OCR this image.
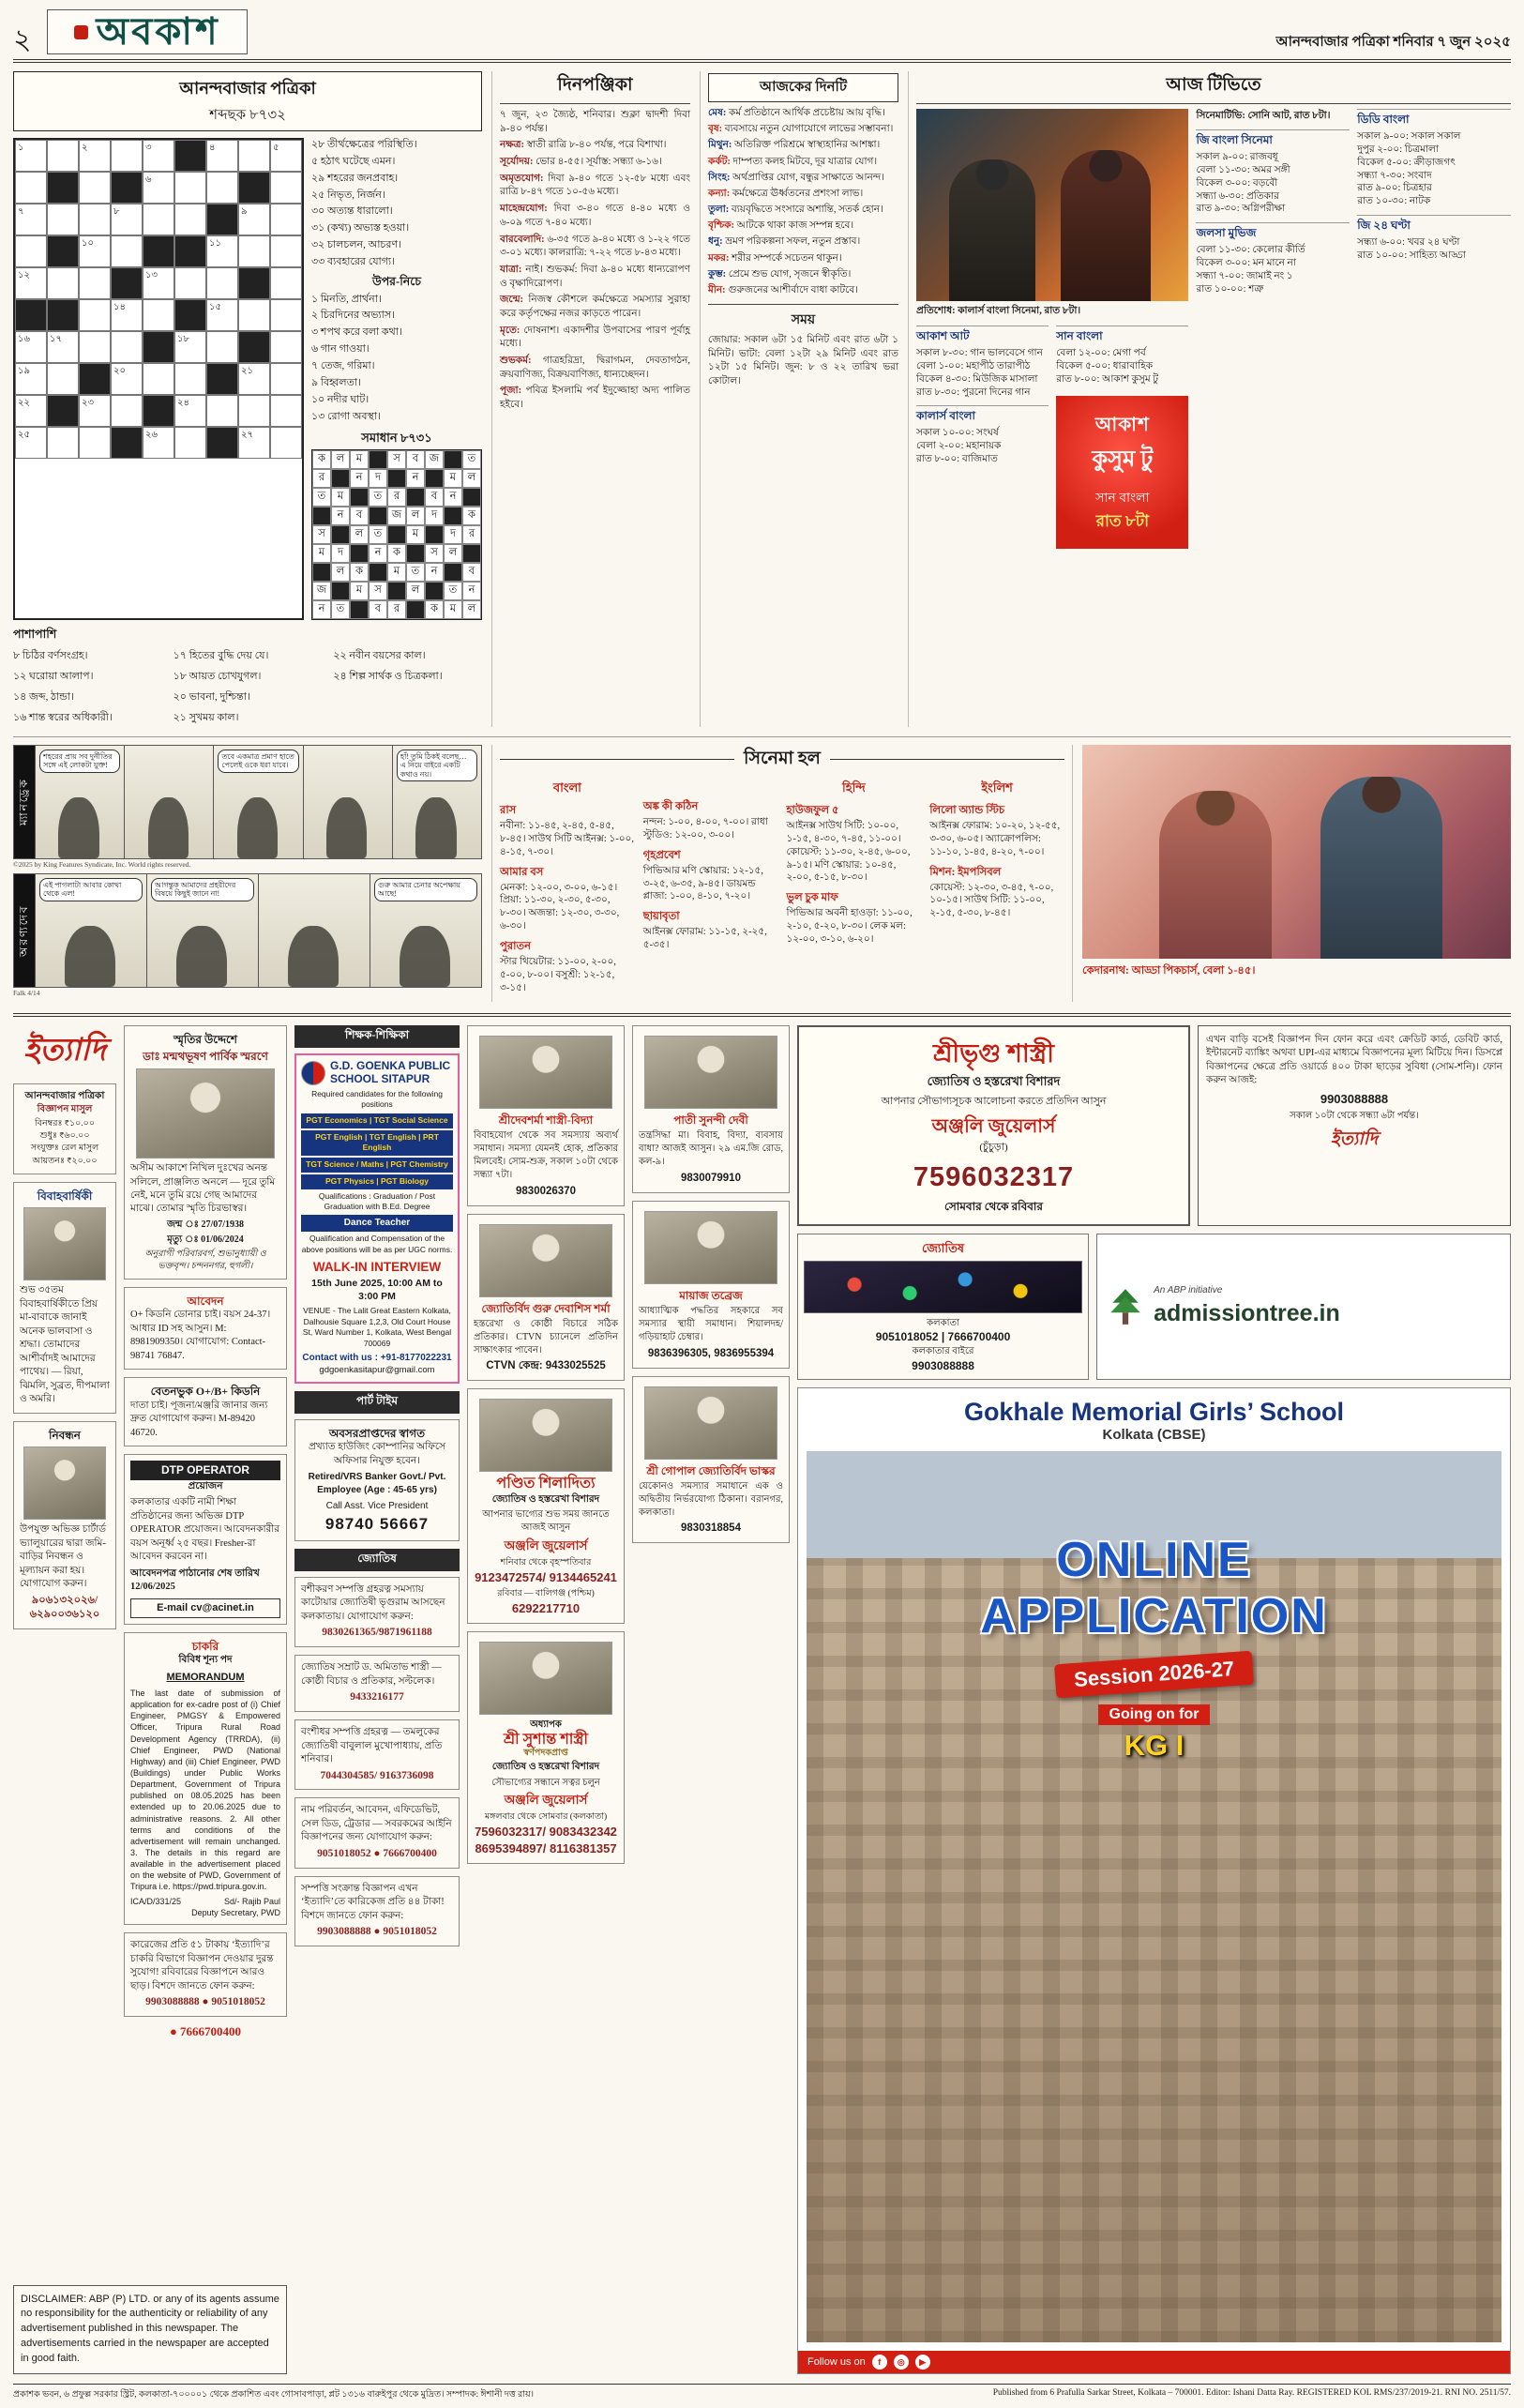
২ অবকাশ	আনন্দবাজার পত্রিকা শনিবার ৭ জুন ২০২৫
আনন্দবাজার পত্রিকা
শব্দছক ৮৭৩২
১	২	৩	৪	৫
৬
৭	৮	৯
১০	১১
১২	১৩
১৪	১৫
১৬ ১৭	১৮
১৯	২০	২১
২২	২৩	২৪
২৫	২৬	২৭
২৮ তীর্থক্ষেত্রের পরিস্থিতি।
৫ হঠাৎ ঘটেছে এমন।
২৯ শহরের জনপ্রবাহ।
২৫ নিভৃত, নির্জন।
৩০ অত্যন্ত ধারালো।
৩১ (কথ্য) অভ্যস্ত হওয়া।
৩২ চালচলন, আচরণ।
৩৩ ব্যবহারের যোগ্য।
উপর-নিচে
১ মিনতি, প্রার্থনা।
২ চিরদিনের অভ্যাস।
৩ শপথ করে বলা কথা।
৬ গান গাওয়া।
৭ তেজ, গরিমা।
৯ বিহ্বলতা।
১০ নদীর ঘাট।
১৩ রোগা অবস্থা।
সমাধান ৮৭৩১
ক ল ম	স ব জ	ত
র	ন দ	ন	ম ল
ত ম	ত র	ব ন
ন ব	জ ল দ	ক
স	ল ত	ম	দ র
ম দ	ন ক	স ল
ল ক	ম ত ন	ব
জ	ম স	ল	ত ন
ন ত	ব র	ক ম ল
পাশাপাশি
৮ চিঠির বর্ণসংগ্রহ।
১২ ঘরোয়া আলাপ।
১৪ জব্দ, ঠান্ডা।
১৬ শান্ত স্বরের অধিকারী।
১৭ হিতের বুদ্ধি দেয় যে।
১৮ আয়ত চোখযুগল।
২০ ভাবনা, দুশ্চিন্তা।
২১ সুখময় কাল।
২২ নবীন বয়সের কাল।
২৪ শিল্প সার্থক ও চিত্রকলা।
দিনপঞ্জিকা
৭ জুন, ২৩ জ্যৈষ্ঠ, শনিবার। শুক্লা দ্বাদশী দিবা ৯-৪০ পর্যন্ত।
নক্ষত্র: স্বাতী রাত্রি ৮-৪০ পর্যন্ত, পরে বিশাখা।
সূর্যোদয়: ভোর ৪-৫৫। সূর্যাস্ত: সন্ধ্যা ৬-১৬।
অমৃতযোগ: দিবা ৯-৪০ গতে ১২-৫৮ মধ্যে এবং রাত্রি ৮-৪৭ গতে ১০-৫৬ মধ্যে।
মাহেন্দ্রযোগ: দিবা ৩-৪০ গতে ৪-৪০ মধ্যে ও ৬-০৯ গতে ৭-৪০ মধ্যে।
বারবেলাদি: ৬-৩৫ গতে ৯-৪০ মধ্যে ও ১-২২ গতে ৩-০১ মধ্যে। কালরাত্রি: ৭-২২ গতে ৮-৪৩ মধ্যে।
যাত্রা: নাই। শুভকর্ম: দিবা ৯-৪০ মধ্যে ধান্যরোপণ ও বৃক্ষাদিরোপণ।
জন্মে: নিজস্ব কৌশলে কর্মক্ষেত্রে সমস্যার সুরাহা করে কর্তৃপক্ষের নজর কাড়তে পারেন।
মৃতে: দোষনাশ। একাদশীর উপবাসের পারণ পূর্বাহ্ণ মধ্যে।
শুভকর্ম: গাত্রহরিদ্রা, দ্বিরাগমন, দেবতাগঠন, ক্রয়বাণিজ্য, বিক্রয়বাণিজ্য, ধান্যচ্ছেদন।
পূজা: পবিত্র ইসলামি পর্ব ইদুজ্জোহা অদ্য পালিত হইবে।
আজকের দিনটি
মেষ: কর্ম প্রতিষ্ঠানে আর্থিক প্রচেষ্টায় আয় বৃদ্ধি।
বৃষ: ব্যবসায়ে নতুন যোগাযোগে লাভের সম্ভাবনা।
মিথুন: অতিরিক্ত পরিশ্রমে স্বাস্থ্যহানির আশঙ্কা।
কর্কট: দাম্পত্য কলহ মিটবে, দূর যাত্রার যোগ।
সিংহ: অর্থপ্রাপ্তির যোগ, বন্ধুর সাক্ষাতে আনন্দ।
কন্যা: কর্মক্ষেত্রে ঊর্ধ্বতনের প্রশংসা লাভ।
তুলা: ব্যয়বৃদ্ধিতে সংসারে অশান্তি, সতর্ক হোন।
বৃশ্চিক: আটকে থাকা কাজ সম্পন্ন হবে।
ধনু: ভ্রমণ পরিকল্পনা সফল, নতুন প্রস্তাব।
মকর: শরীর সম্পর্কে সচেতন থাকুন।
কুম্ভ: প্রেমে শুভ যোগ, সৃজনে স্বীকৃতি।
মীন: গুরুজনের আশীর্বাদে বাধা কাটবে।
সময়
জোয়ার: সকাল ৬টা ১৫ মিনিট এবং রাত ৬টা ১ মিনিট। ভাটা: বেলা ১২টা ২৯ মিনিট এবং রাত ১২টা ১৫ মিনিট। জুন: ৮ ও ২২ তারিখ ভরা কোটাল।
আজ টিভিতে
প্রতিশোধ: কালার্স বাংলা সিনেমা, রাত ৮টা।
আকাশ আট
সকাল ৮-৩০: গান ভালবেসে গান
বেলা ১-০০: মহাপীঠ তারাপীঠ
বিকেল ৪-৩০: মিউজিক মাসালা
রাত ৮-৩০: পুরনো দিনের গান
কালার্স বাংলা
সকাল ১০-০০: সংঘর্ষ
বেলা ২-০০: মহানায়ক
রাত ৮-০০: বাজিমাত
সান বাংলা
বেলা ১২-০০: মেগা পর্ব
বিকেল ৫-০০: ধারাবাহিক
রাত ৮-০০: আকাশ কুসুম টু
আকাশ
কুসুম টু
সান বাংলা
রাত ৮টা
সিনেমাটিভি: সোনি আট, রাত ৮টা।
জি বাংলা সিনেমা
সকাল ৯-০০: রাজবধূ
বেলা ১১-৩০: অমর সঙ্গী
বিকেল ৩-০০: বড়বৌ
সন্ধ্যা ৬-৩০: প্রতিকার
রাত ৯-৩০: অগ্নিপরীক্ষা
জলসা মুভিজ
বেলা ১১-৩০: কেলোর কীর্তি
বিকেল ৩-০০: মন মানে না
সন্ধ্যা ৭-০০: জামাই নং ১
রাত ১০-০০: শত্রু
ডিডি বাংলা
সকাল ৯-০০: সকাল সকাল
দুপুর ২-০০: চিত্রমালা
বিকেল ৫-০০: ক্রীড়াজগৎ
সন্ধ্যা ৭-৩০: সংবাদ
রাত ৯-০০: চিত্রহার
রাত ১০-৩০: নাটক
জি ২৪ ঘণ্টা
সন্ধ্যা ৬-০০: খবর ২৪ ঘণ্টা
রাত ১০-০০: সাহিত্য আড্ডা
ম্যানড্রেক
শহরের প্রায় সব দুর্নীতির সঙ্গে এই লোকটা যুক্ত!
তবে একমাত্র প্রমাণ হাতে পেলেই ওকে ধরা যাবে।
হাঁ! তুমি ঠিকই বলেছ… এ নিয়ে বাইরে একটি কথাও নয়।
©2025 by King Features Syndicate, Inc. World rights reserved.
অরণ্যদেব
এই পাগলাটা আবার কোথা থেকে এল!
আগন্তুক আমাদের প্রহরীদের বিষয়ে কিছুই জানে না!
গুরু আমার চেনার অপেক্ষায় আছে!
Falk 4/14
সিনেমা হল
বাংলা
রাস
নবীনা: ১১-৪৫, ২-৪৫, ৫-৪৫, ৮-৪৫। সাউথ সিটি আইনক্স: ১-০০, ৪-১৫, ৭-৩০।
আমার বস
মেনকা: ১২-০০, ৩-০০, ৬-১৫। প্রিয়া: ১১-৩০, ২-৩০, ৫-৩০, ৮-৩০। অজন্তা: ১২-৩০, ৩-৩০, ৬-৩০।
পুরাতন
স্টার থিয়েটার: ১১-০০, ২-০০, ৫-০০, ৮-০০। বসুশ্রী: ১২-১৫, ৩-১৫।
অঙ্ক কী কঠিন
নন্দন: ১-০০, ৪-০০, ৭-০০। রাধা স্টুডিও: ১২-০০, ৩-০০।
গৃহপ্রবেশ
পিভিআর মণি স্কোয়ার: ১২-১৫, ৩-২৫, ৬-৩৫, ৯-৪৫। ডায়মন্ড প্লাজা: ১-০০, ৪-১০, ৭-২০।
ছায়াবৃতা
আইনক্স ফোরাম: ১১-১৫, ২-২৫, ৫-৩৫।
হিন্দি
হাউজফুল ৫
আইনক্স সাউথ সিটি: ১০-০০, ১-১৫, ৪-৩০, ৭-৪৫, ১১-০০। কোয়েস্ট: ১১-৩০, ২-৪৫, ৬-০০, ৯-১৫। মণি স্কোয়ার: ১০-৪৫, ২-০০, ৫-১৫, ৮-৩০।
ভুল চুক মাফ
পিভিআর অবনী হাওড়া: ১১-০০, ২-১০, ৫-২০, ৮-৩০। লেক মল: ১২-০০, ৩-১০, ৬-২০।
ইংলিশ
লিলো অ্যান্ড স্টিচ
আইনক্স ফোরাম: ১০-২০, ১২-৫৫, ৩-৩০, ৬-০৫। অ্যাক্রোপলিস: ১১-১০, ১-৪৫, ৪-২০, ৭-০০।
মিশন: ইমপসিবল
কোয়েস্ট: ১২-৩০, ৩-৪৫, ৭-০০, ১০-১৫। সাউথ সিটি: ১১-০০, ২-১৫, ৫-৩০, ৮-৪৫।
কেদারনাথ: আড্ডা পিকচার্স, বেলা ১-৪৫।
ইত্যাদি
আনন্দবাজার পত্রিকা
বিজ্ঞাপন মাসুল
বিনম্বরঃ ₹১০.০০
শুধুঃ ₹৬০.০০
সংযুক্তঃ রেল মাসুল
আয়তনঃ ₹২০.০০
বিবাহবার্ষিকী
শুভ ৩৫তম বিবাহবার্ষিকীতে প্রিয় মা-বাবাকে জানাই অনেক ভালবাসা ও শ্রদ্ধা। তোমাদের আশীর্বাদই আমাদের পাথেয়। — রিয়া, ঝিমলি, সুব্রত, দীপমালা ও অমরি।
নিবন্ধন
উপযুক্ত অভিজ্ঞ চার্টার্ড ভ্যালুয়ারের দ্বারা জমি-বাড়ির নিবন্ধন ও মূল্যায়ন করা হয়। যোগাযোগ করুন।
৯০৬১৩২০২৬/ ৬২৯০০৩৬১২০
স্মৃতির উদ্দেশে
ডাঃ মন্মথভূষণ পার্বিক স্মরণে
অসীম আকাশে নিখিল দুঃখের অনন্ত সলিলে, প্রাঞ্জলিত অনলে — দূরে তুমি নেই, মনে তুমি রয়ে গেছ আমাদের মাঝে। তোমার স্মৃতি চিরভাস্বর।
জন্ম ঃ 27/07/1938
মৃত্যু ঃ 01/06/2024
অনুরাগী পরিবারবর্গ, শুভানুধ্যায়ী ও ভক্তবৃন্দ। চন্দননগর, হুগলী।
আবেদন
O+ কিডনি ডোনার চাই। বয়স 24-37। আধার ID সহ আসুন। M: 8981909350। যোগাযোগ: Contact- 98741 76847.
বেতনভুক O+/B+ কিডনি
দাতা চাই। পূজনা/মঞ্জরি জানার জন্য দ্রুত যোগাযোগ করুন। M-89420 46720.
DTP OPERATOR
প্রয়োজন
কলকাতার একটি নামী শিক্ষা প্রতিষ্ঠানের জন্য অভিজ্ঞ DTP OPERATOR প্রয়োজন। আবেদনকারীর বয়স অনূর্ধ্ব ২৫ বছর। Fresher-রা আবেদন করবেন না।
আবেদনপত্র পাঠানোর শেষ তারিখ 12/06/2025
E-mail cv@acinet.in
চাকরি
বিবিধ শূন্য পদ
MEMORANDUM
The last date of submission of application for ex-cadre post of (i) Chief Engineer, PMGSY & Empowered Officer, Tripura Rural Road Development Agency (TRRDA), (ii) Chief Engineer, PWD (National Highway) and (iii) Chief Engineer, PWD (Buildings) under Public Works Department, Government of Tripura published on 08.05.2025 has been extended up to 20.06.2025 due to administrative reasons. 2. All other terms and conditions of the advertisement will remain unchanged. 3. The details in this regard are available in the advertisement placed on the website of PWD, Government of Tripura i.e. https://pwd.tripura.gov.in.
ICA/D/331/25	Sd/- Rajib Paul
Deputy Secretary, PWD
কারেজের প্রতি ৫১ টাকায় ‘ইত্যাদি’র চাকরি বিভাগে বিজ্ঞাপন দেওয়ার দুরন্ত সুযোগ! রবিবারের বিজ্ঞাপনে আরও ছাড়। বিশদে জানতে ফোন করুন:
9903088888 ● 9051018052
● 7666700400
DISCLAIMER: ABP (P) LTD. or any of its agents assume no responsibility for the authenticity or reliability of any advertisement published in this newspaper. The advertisements carried in the newspaper are accepted in good faith.
শিক্ষক-শিক্ষিকা
G.D. GOENKA PUBLIC SCHOOL SITAPUR
Required candidates for the following positions
PGT Economics | TGT Social Science
PGT English | TGT English | PRT English
TGT Science / Maths | PGT Chemistry
PGT Physics | PGT Biology
Qualifications : Graduation / Post Graduation with B.Ed. Degree
Dance Teacher
Qualification and Compensation of the above positions will be as per UGC norms.
WALK-IN INTERVIEW
15th June 2025, 10:00 AM to 3:00 PM
VENUE - The Lalit Great Eastern Kolkata, Dalhousie Square 1,2,3, Old Court House St, Ward Number 1, Kolkata, West Bengal 700069
Contact with us : +91-8177022231
gdgoenkasitapur@gmail.com
পার্ট টাইম
অবসরপ্রাপ্তদের স্বাগত
প্রখ্যাত হাউজিং কোম্পানির অফিসে অফিসার নিযুক্ত হবেন।
Retired/VRS Banker Govt./ Pvt. Employee (Age : 45-65 yrs)
Call Asst. Vice President
98740 56667
জ্যোতিষ
বশীকরণ সম্পত্তি গ্রহরত্ন সমস্যায় কাটোয়ার জ্যোতিষী ভৃগুরাম আসছেন কলকাতায়। যোগাযোগ করুন:
9830261365/9871961188
জ্যোতিষ সম্রাট ড. অমিতাভ শাস্ত্রী — কোষ্ঠী বিচার ও প্রতিকার, সল্টলেক।
9433216177
বংশীধর সম্পত্তি গ্রহরত্ন — তমলুকের জ্যোতিষী বাবুলাল মুখোপাধ্যায়, প্রতি শনিবার।
7044304585/ 9163736098
নাম পরিবর্তন, আবেদন, এফিডেভিট, সেল ডিড, ট্রেডার — সবরকমের আইনি বিজ্ঞাপনের জন্য যোগাযোগ করুন:
9051018052 ● 7666700400
সম্পত্তি সংক্রান্ত বিজ্ঞাপন এখন ‘ইত্যাদি’তে কারিকেজ প্রতি ৪৪ টাকা! বিশদে জানতে ফোন করুন:
9903088888 ● 9051018052
শ্রীদেবশর্মা শাস্ত্রী-বিদ্যা
বিবাহযোগ থেকে সব সমস্যায় অব্যর্থ সমাধান। সমস্যা যেমনই হোক, প্রতিকার মিলবেই। সোম-শুক্র, সকাল ১০টা থেকে সন্ধ্যা ৭টা।
9830026370
জ্যোতির্বিদ গুরু দেবাশিস শর্মা
হস্তরেখা ও কোষ্ঠী বিচারে সঠিক প্রতিকার। CTVN চ্যানেলে প্রতিদিন সাক্ষাৎকার পাবেন।
CTVN কেন্দ্র: 9433025525
পণ্ডিত শিলাদিত্য
জ্যোতিষ ও হস্তরেখা বিশারদ
আপনার ভাগ্যের শুভ সময় জানতে আজই আসুন
অঞ্জলি জুয়েলার্স
শনিবার থেকে বৃহস্পতিবার
9123472574/ 9134465241
রবিবার — বালিগঞ্জ (পশ্চিম)
6292217710
অধ্যাপক
শ্রী সুশান্ত শাস্ত্রী
স্বর্ণপদকপ্রাপ্ত
জ্যোতিষ ও হস্তরেখা বিশারদ
সৌভাগ্যের সন্ধানে সত্বর চলুন
অঞ্জলি জুয়েলার্স
মঙ্গলবার থেকে সোমবার (কলকাতা)
7596032317/ 9083432342
8695394897/ 8116381357
পাতী সুনন্দী দেবী
তন্ত্রসিদ্ধা মা। বিবাহ, বিদ্যা, ব্যবসায় বাধা? আজই আসুন। ২৯ এম.জি রোড, কল-৯।
9830079910
মায়াজ তব্রেজ
আধ্যাত্মিক পদ্ধতির সহকারে সব সমস্যার স্থায়ী সমাধান। শিয়ালদহ/গড়িয়াহাট চেম্বার।
9836396305, 9836955394
শ্রী গোপাল জ্যোতির্বিদ ভাস্কর
যেকোনও সমস্যার সমাধানে এক ও অদ্বিতীয় নির্ভরযোগ্য ঠিকানা। বরানগর, কলকাতা।
9830318854
শ্রীভৃগু শাস্ত্রী
জ্যোতিষ ও হস্তরেখা বিশারদ
আপনার সৌভাগ্যসূচক আলোচনা করতে প্রতিদিন আসুন
অঞ্জলি জুয়েলার্স
(চুঁচুড়া)
7596032317
সোমবার থেকে রবিবার
এখন বাড়ি বসেই বিজ্ঞাপন দিন ফোন করে এবং ক্রেডিট কার্ড, ডেবিট কার্ড, ইন্টারনেট ব্যাঙ্কিং অথবা UPI-এর মাধ্যমে বিজ্ঞাপনের মূল্য মিটিয়ে দিন। ডিসপ্লে বিজ্ঞাপনের ক্ষেত্রে প্রতি ওয়ার্ডে ৪০০ টাকা ছাড়ের সুবিধা (সোম-শনি)। ফোন করুন আজই:
9903088888
সকাল ১০টা থেকে সন্ধ্যা ৬টা পর্যন্ত।
ইত্যাদি
জ্যোতিষ
কলকাতা
9051018052 | 7666700400
কলকাতার বাইরে
9903088888
An ABP initiative
admissiontree.in
Gokhale Memorial Girls’ School
Kolkata (CBSE)
ONLINE
APPLICATION
Session 2026-27
Going on for
KG I
Follow us on	f	◎	▶
প্রকাশক ভবন, ৬ প্রফুল্ল সরকার স্ট্রিট, কলকাতা-৭০০০০১ থেকে প্রকাশিত এবং গোসাবপাড়া, প্লট ১৩১৬ বারুইপুর থেকে মুদ্রিত। সম্পাদক: ঈশানী দত্ত রায়।	Published from 6 Prafulla Sarkar Street, Kolkata – 700001. Editor: Ishani Datta Ray. REGISTERED KOL RMS/237/2019-21. RNI NO. 2511/57.
